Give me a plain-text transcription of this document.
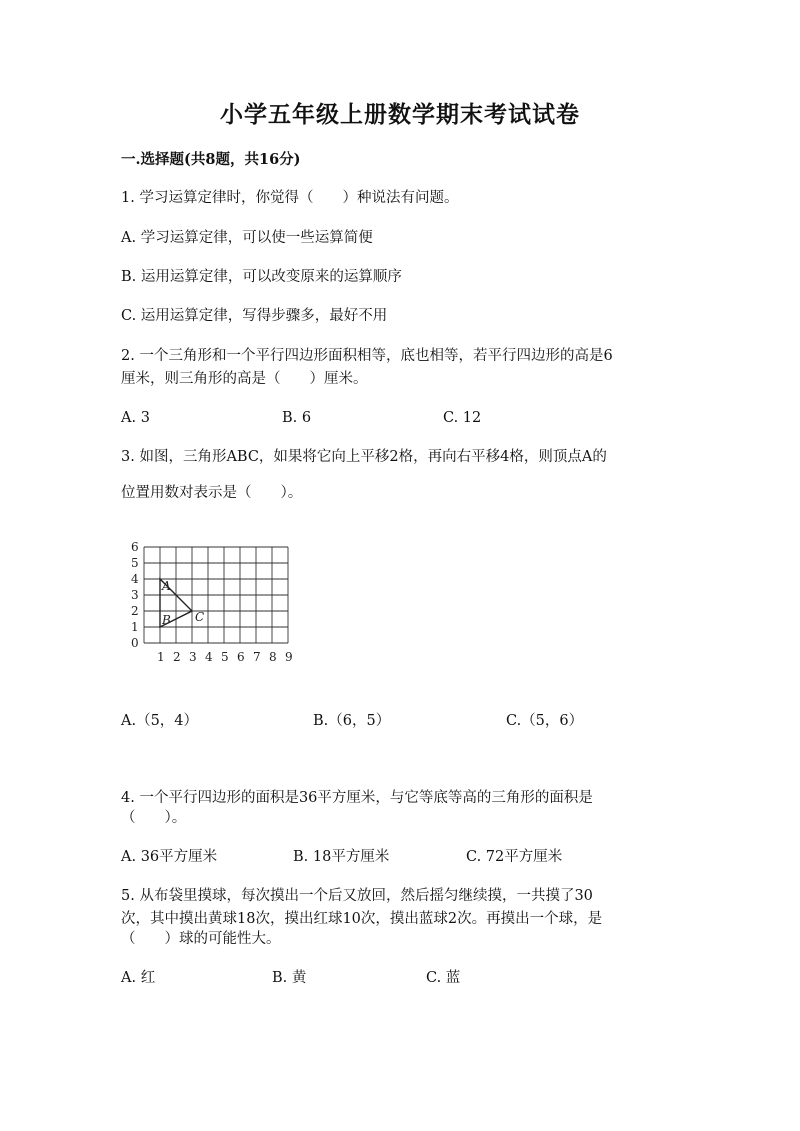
小学五年级上册数学期末考试试卷
一.选择题(共8题，共16分)
1. 学习运算定律时，你觉得（　　）种说法有问题。
A. 学习运算定律，可以使一些运算简便
B. 运用运算定律，可以改变原来的运算顺序
C. 运用运算定律，写得步骤多，最好不用
2. 一个三角形和一个平行四边形面积相等，底也相等，若平行四边形的高是6
厘米，则三角形的高是（　　）厘米。
A. 3	B. 6	C. 12
3. 如图，三角形ABC，如果将它向上平移2格，再向右平移4格，则顶点A的
位置用数对表示是（　　）。
0
1
2
3
4
5
6
1 2 3 4 5 6 7 8 9
A
B C
A.（5，4）	B.（6，5）	C.（5，6）
4. 一个平行四边形的面积是36平方厘米，与它等底等高的三角形的面积是
（　　）。
A. 36平方厘米	B. 18平方厘米	C. 72平方厘米
5. 从布袋里摸球，每次摸出一个后又放回，然后摇匀继续摸，一共摸了30
次，其中摸出黄球18次，摸出红球10次，摸出蓝球2次。再摸出一个球，是
（　　）球的可能性大。
A. 红	B. 黄	C. 蓝
